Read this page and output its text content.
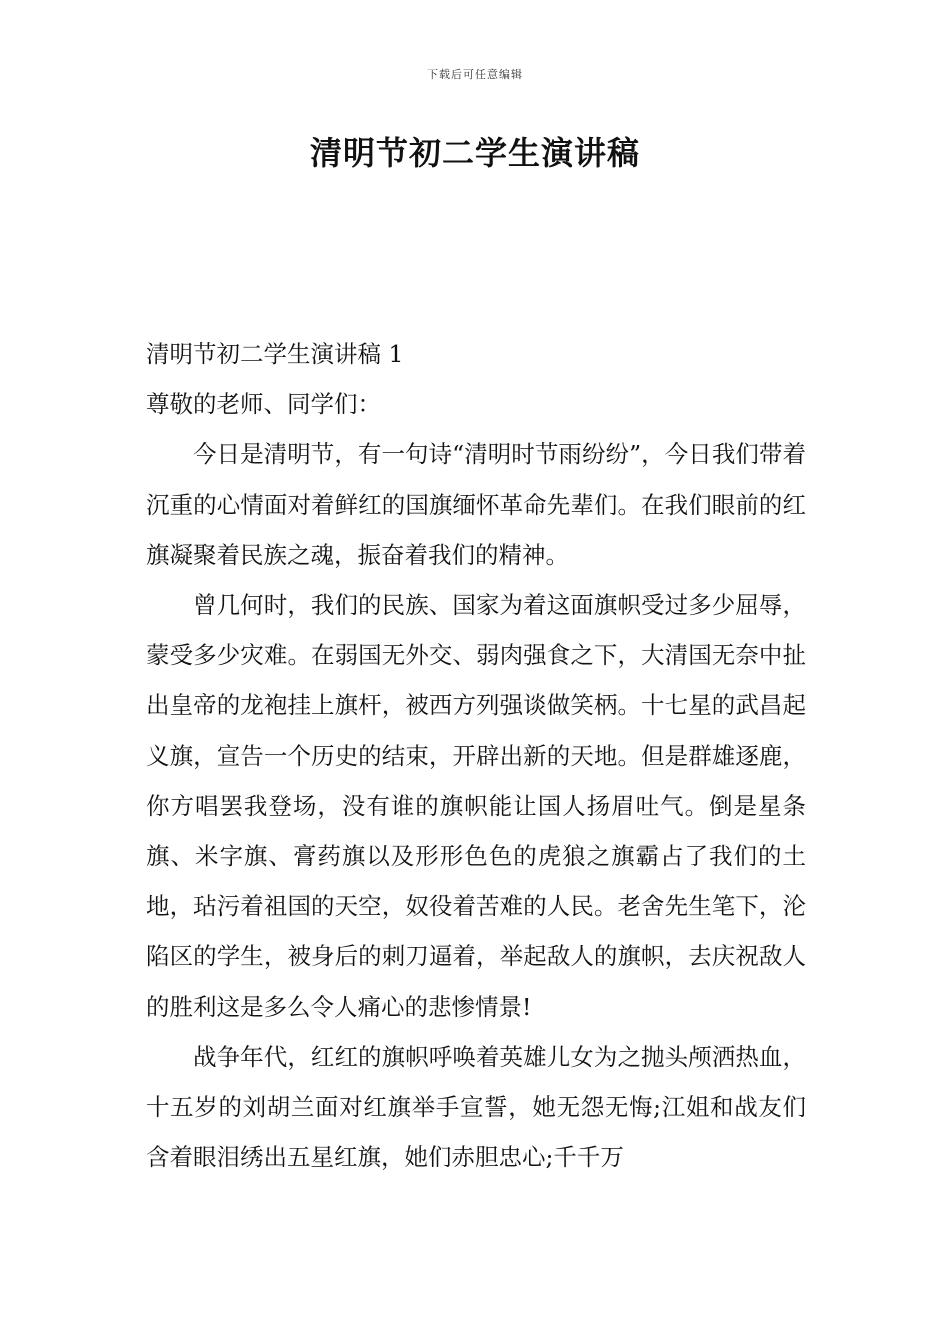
下载后可任意编辑
清明节初二学生演讲稿

清明节初二学生演讲稿 1

尊敬的老师、同学们：

今日是清明节，有一句诗“清明时节雨纷纷”，今日我们带着沉重的心情面对着鲜红的国旗缅怀革命先辈们。在我们眼前的红旗凝聚着民族之魂，振奋着我们的精神。

曾几何时，我们的民族、国家为着这面旗帜受过多少屈辱，蒙受多少灾难。在弱国无外交、弱肉强食之下，大清国无奈中扯出皇帝的龙袍挂上旗杆，被西方列强谈做笑柄。十七星的武昌起义旗，宣告一个历史的结束，开辟出新的天地。但是群雄逐鹿，你方唱罢我登场，没有谁的旗帜能让国人扬眉吐气。倒是星条旗、米字旗、膏药旗以及形形色色的虎狼之旗霸占了我们的土地，玷污着祖国的天空，奴役着苦难的人民。老舍先生笔下，沦陷区的学生，被身后的刺刀逼着，举起敌人的旗帜，去庆祝敌人的胜利这是多么令人痛心的悲惨情景!

战争年代，红红的旗帜呼唤着英雄儿女为之抛头颅洒热血，十五岁的刘胡兰面对红旗举手宣誓，她无怨无悔;江姐和战友们含着眼泪绣出五星红旗，她们赤胆忠心;千千万
